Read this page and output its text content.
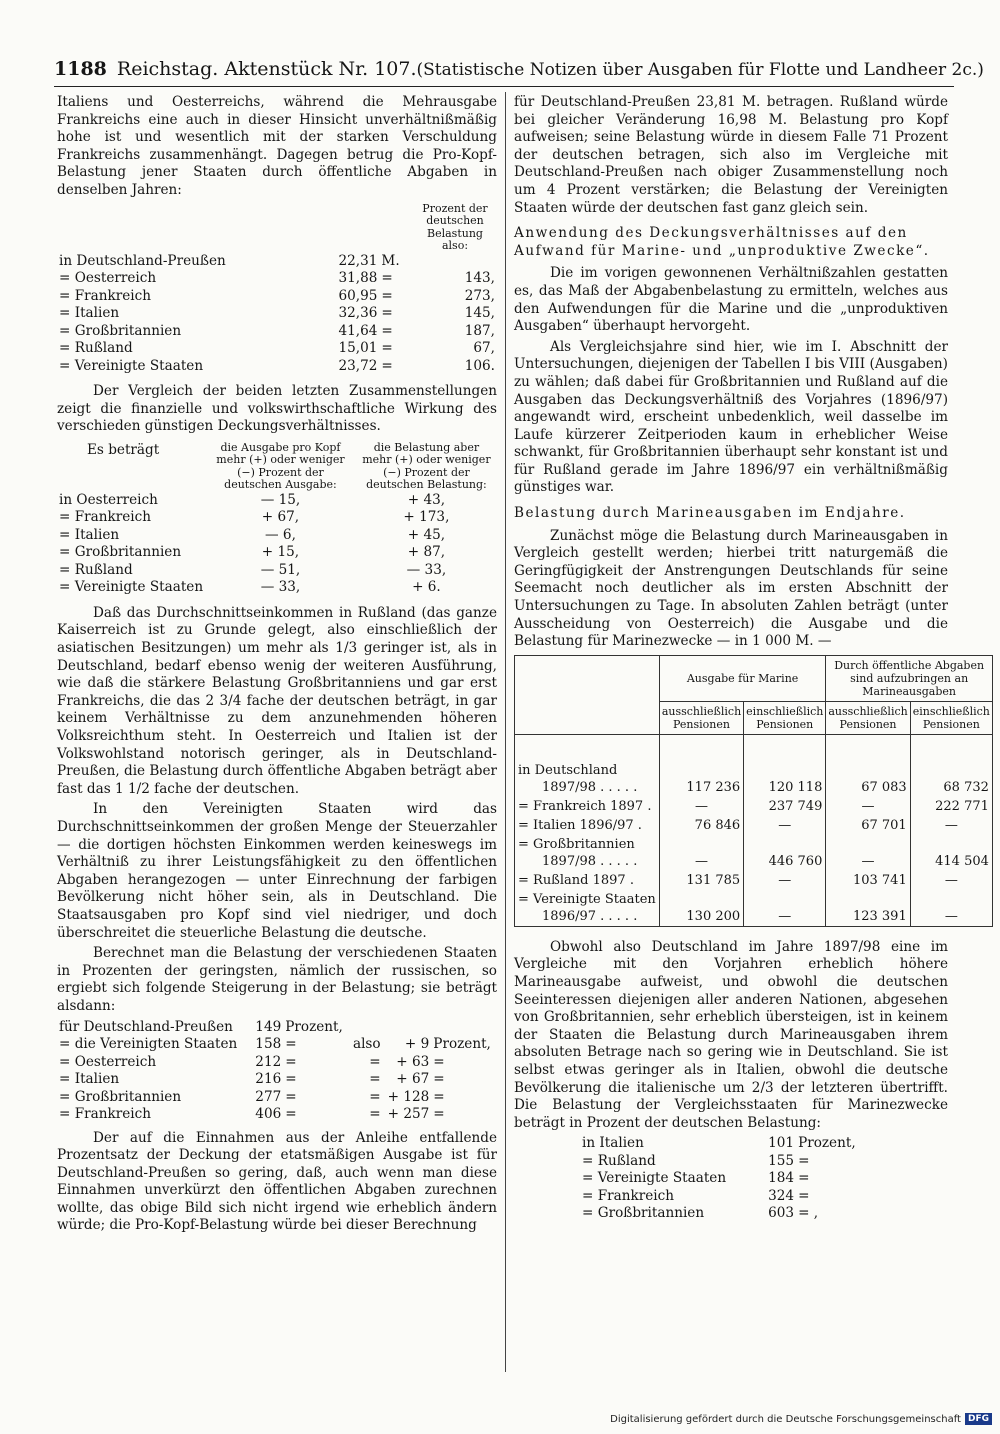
1188 Reichstag. Aktenstück Nr. 107. (Statistische Notizen über Ausgaben für Flotte und Landheer 2c.)

Italiens und Oesterreichs, während die Mehrausgabe Frankreichs eine auch in dieser Hinsicht unverhältnißmäßig hohe ist und wesentlich mit der starken Verschuldung Frankreichs zusammenhängt. Dagegen betrug die Pro-Kopf-Belastung jener Staaten durch öffentliche Abgaben in denselben Jahren:

			Prozent der deutschen Belastung also:
in Deutschland-Preußen	22,31	M.	
= Oesterreich	31,88	=	143,
= Frankreich	60,95	=	273,
= Italien	32,36	=	145,
= Großbritannien	41,64	=	187,
= Rußland	15,01	=	67,
= Vereinigte Staaten	23,72	=	106.

Der Vergleich der beiden letzten Zusammenstellungen zeigt die finanzielle und volkswirthschaftliche Wirkung des verschieden günstigen Deckungsverhältnisses.

Es beträgt	die Ausgabe pro Kopf mehr (+) oder weniger (−) Prozent der deutschen Ausgabe:	die Belastung aber mehr (+) oder weniger (−) Prozent der deutschen Belastung:
in Oesterreich	— 15,	+ 43,
= Frankreich	+ 67,	+ 173,
= Italien	— 6,	+ 45,
= Großbritannien	+ 15,	+ 87,
= Rußland	— 51,	— 33,
= Vereinigte Staaten	— 33,	+ 6.

Daß das Durchschnittseinkommen in Rußland (das ganze Kaiserreich ist zu Grunde gelegt, also einschließlich der asiatischen Besitzungen) um mehr als 1/3 geringer ist, als in Deutschland, bedarf ebenso wenig der weiteren Ausführung, wie daß die stärkere Belastung Großbritanniens und gar erst Frankreichs, die das 2 3/4 fache der deutschen beträgt, in gar keinem Verhältnisse zu dem anzunehmenden höheren Volksreichthum steht. In Oesterreich und Italien ist der Volkswohlstand notorisch geringer, als in Deutschland-Preußen, die Belastung durch öffentliche Abgaben beträgt aber fast das 1 1/2 fache der deutschen.

In den Vereinigten Staaten wird das Durchschnittseinkommen der großen Menge der Steuerzahler — die dortigen höchsten Einkommen werden keineswegs im Verhältniß zu ihrer Leistungsfähigkeit zu den öffentlichen Abgaben herangezogen — unter Einrechnung der farbigen Bevölkerung nicht höher sein, als in Deutschland. Die Staatsausgaben pro Kopf sind viel niedriger, und doch überschreitet die steuerliche Belastung die deutsche.

Berechnet man die Belastung der verschiedenen Staaten in Prozenten der geringsten, nämlich der russischen, so ergiebt sich folgende Steigerung in der Belastung; sie beträgt alsdann:

für Deutschland-Preußen	149	Prozent,			
= die Vereinigten Staaten	158	=	also	+ 9	Prozent,
= Oesterreich	212	=	=	+ 63	=
= Italien	216	=	=	+ 67	=
= Großbritannien	277	=	=	+ 128	=
= Frankreich	406	=	=	+ 257	=

Der auf die Einnahmen aus der Anleihe entfallende Prozentsatz der Deckung der etatsmäßigen Ausgabe ist für Deutschland-Preußen so gering, daß, auch wenn man diese Einnahmen unverkürzt den öffentlichen Abgaben zurechnen wollte, das obige Bild sich nicht irgend wie erheblich ändern würde; die Pro-Kopf-Belastung würde bei dieser Berechnung

für Deutschland-Preußen 23,81 M. betragen. Rußland würde bei gleicher Veränderung 16,98 M. Belastung pro Kopf aufweisen; seine Belastung würde in diesem Falle 71 Prozent der deutschen betragen, sich also im Vergleiche mit Deutschland-Preußen nach obiger Zusammenstellung noch um 4 Prozent verstärken; die Belastung der Vereinigten Staaten würde der deutschen fast ganz gleich sein.

Anwendung des Deckungsverhältnisses auf den Aufwand für Marine- und „unproduktive Zwecke“.

Die im vorigen gewonnenen Verhältnißzahlen gestatten es, das Maß der Abgabenbelastung zu ermitteln, welches aus den Aufwendungen für die Marine und die „unproduktiven Ausgaben“ überhaupt hervorgeht.

Als Vergleichsjahre sind hier, wie im I. Abschnitt der Untersuchungen, diejenigen der Tabellen I bis VIII (Ausgaben) zu wählen; daß dabei für Großbritannien und Rußland auf die Ausgaben das Deckungsverhältniß des Vorjahres (1896/97) angewandt wird, erscheint unbedenklich, weil dasselbe im Laufe kürzerer Zeitperioden kaum in erheblicher Weise schwankt, für Großbritannien überhaupt sehr konstant ist und für Rußland gerade im Jahre 1896/97 ein verhältnißmäßig günstiges war.

Belastung durch Marineausgaben im Endjahre.

Zunächst möge die Belastung durch Marineausgaben in Vergleich gestellt werden; hierbei tritt naturgemäß die Geringfügigkeit der Anstrengungen Deutschlands für seine Seemacht noch deutlicher als im ersten Abschnitt der Untersuchungen zu Tage. In absoluten Zahlen beträgt (unter Ausscheidung von Oesterreich) die Ausgabe und die Belastung für Marinezwecke — in 1 000 M. —

	Ausgabe für Marine		Durch öffentliche Abgaben sind aufzubringen an Marineausgaben	
	ausschließlich Pensionen	einschließlich Pensionen	ausschließlich Pensionen	einschließlich Pensionen

in Deutschland
1897/98 . . . . .	117 236	120 118	67 083	68 732

= Frankreich 1897 .	—	237 749	—	222 771

= Italien 1896/97 .	76 846	—	67 701	—

= Großbritannien
1897/98 . . . . .	—	446 760	—	414 504

= Rußland 1897 .	131 785	—	103 741	—

= Vereinigte Staaten
1896/97 . . . . .	130 200	—	123 391	—

Obwohl also Deutschland im Jahre 1897/98 eine im Vergleiche mit den Vorjahren erheblich höhere Marineausgabe aufweist, und obwohl die deutschen Seeinteressen diejenigen aller anderen Nationen, abgesehen von Großbritannien, sehr erheblich übersteigen, ist in keinem der Staaten die Belastung durch Marineausgaben ihrem absoluten Betrage nach so gering wie in Deutschland. Sie ist selbst etwas geringer als in Italien, obwohl die deutsche Bevölkerung die italienische um 2/3 der letzteren übertrifft. Die Belastung der Vergleichsstaaten für Marinezwecke beträgt in Prozent der deutschen Belastung:

in Italien	101	Prozent,
= Rußland	155	=
= Vereinigte Staaten	184	=
= Frankreich	324	=
= Großbritannien	603	= ,
Digitalisierung gefördert durch die Deutsche Forschungsgemeinschaft DFG
